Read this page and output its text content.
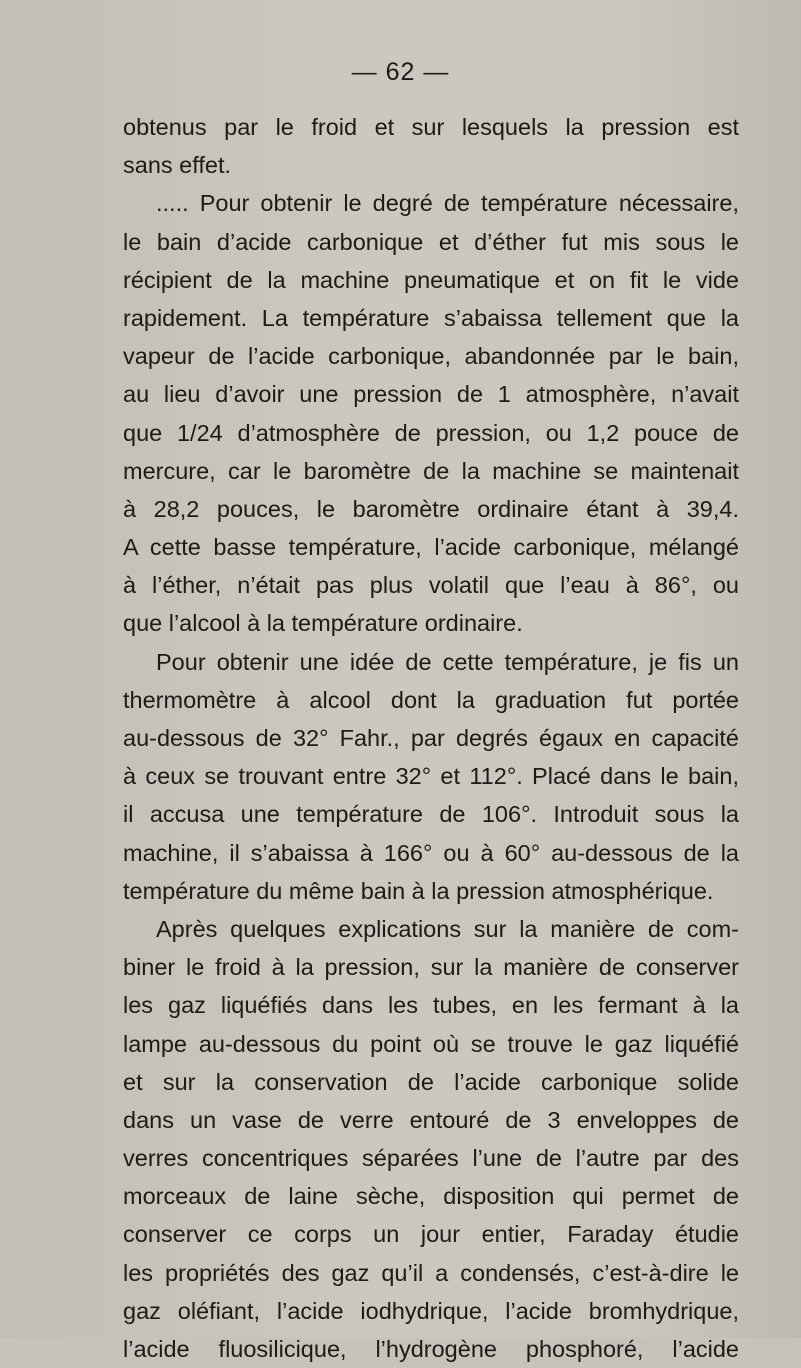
— 62 —
obtenus par le froid et sur lesquels la pression est
sans effet.
..... Pour obtenir le degré de température nécessaire,
le bain d’acide carbonique et d’éther fut mis sous le
récipient de la machine pneumatique et on fit le vide
rapidement. La température s’abaissa tellement que la
vapeur de l’acide carbonique, abandonnée par le bain,
au lieu d’avoir une pression de 1 atmosphère, n’avait
que 1/24 d’atmosphère de pression, ou 1,2 pouce de
mercure, car le baromètre de la machine se maintenait
à 28,2 pouces, le baromètre ordinaire étant à 39,4.
A cette basse température, l’acide carbonique, mélangé
à l’éther, n’était pas plus volatil que l’eau à 86°, ou
que l’alcool à la température ordinaire.
Pour obtenir une idée de cette température, je fis un
thermomètre à alcool dont la graduation fut portée
au-dessous de 32° Fahr., par degrés égaux en capacité
à ceux se trouvant entre 32° et 112°. Placé dans le bain,
il accusa une température de 106°. Introduit sous la
machine, il s’abaissa à 166° ou à 60° au-dessous de la
température du même bain à la pression atmosphérique.
Après quelques explications sur la manière de com-
biner le froid à la pression, sur la manière de conserver
les gaz liquéfiés dans les tubes, en les fermant à la
lampe au-dessous du point où se trouve le gaz liquéfié
et sur la conservation de l’acide carbonique solide
dans un vase de verre entouré de 3 enveloppes de
verres concentriques séparées l’une de l’autre par des
morceaux de laine sèche, disposition qui permet de
conserver ce corps un jour entier, Faraday étudie
les propriétés des gaz qu’il a condensés, c’est-à-dire le
gaz oléfiant, l’acide iodhydrique, l’acide bromhydrique,
l’acide fluosilicique, l’hydrogène phosphoré, l’acide
